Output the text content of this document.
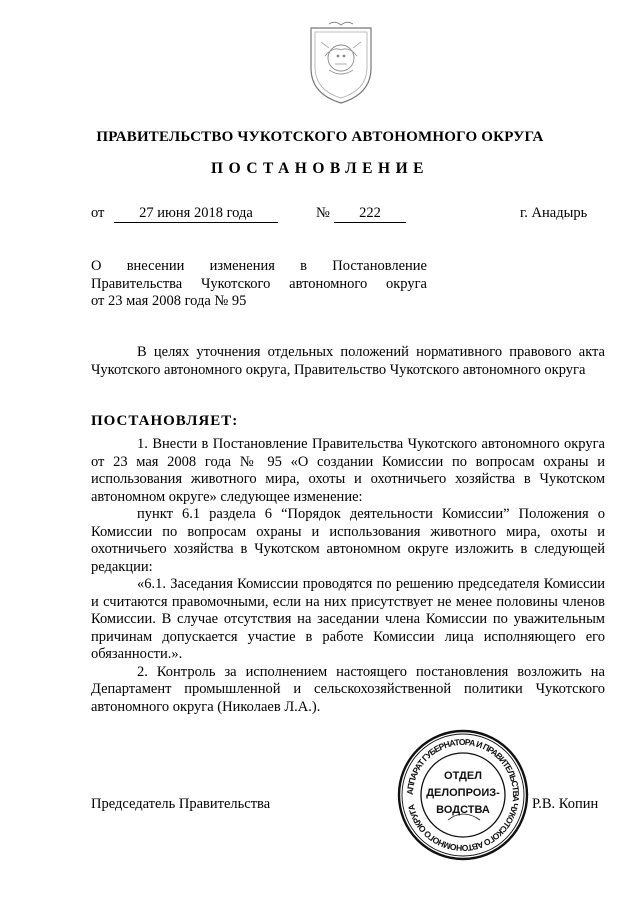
ПРАВИТЕЛЬСТВО ЧУКОТСКОГО АВТОНОМНОГО ОКРУГА
ПОСТАНОВЛЕНИЕ
от	27 июня 2018 года	№	222	г. Анадырь
О внесении изменения в Постановление
Правительства Чукотского автономного округа
от 23 мая 2008 года № 95
В целях уточнения отдельных положений нормативного правового акта Чукотского автономного округа, Правительство Чукотского автономного округа
ПОСТАНОВЛЯЕТ:
1. Внести в Постановление Правительства Чукотского автономного округа от 23 мая 2008 года № 95 «О создании Комиссии по вопросам охраны и использования животного мира, охоты и охотничьего хозяйства в Чукотском автономном округе» следующее изменение:
пункт 6.1 раздела 6 “Порядок деятельности Комиссии” Положения о Комиссии по вопросам охраны и использования животного мира, охоты и охотничьего хозяйства в Чукотском автономном округе изложить в следующей редакции:
«6.1. Заседания Комиссии проводятся по решению председателя Комиссии и считаются правомочными, если на них присутствует не менее половины членов Комиссии. В случае отсутствия на заседании члена Комиссии по уважительным причинам допускается участие в работе Комиссии лица исполняющего его обязанности.».
2. Контроль за исполнением настоящего постановления возложить на Департамент промышленной и сельскохозяйственной политики Чукотского автономного округа (Николаев Л.А.).
Председатель Правительства	Р.В. Копин
АППАРАТ ГУБЕРНАТОРА И ПРАВИТЕЛЬСТВА ЧУКОТСКОГО АВТОНОМНОГО ОКРУГА
ОТДЕЛ
ДЕЛОПРОИЗ-
ВОДСТВА
